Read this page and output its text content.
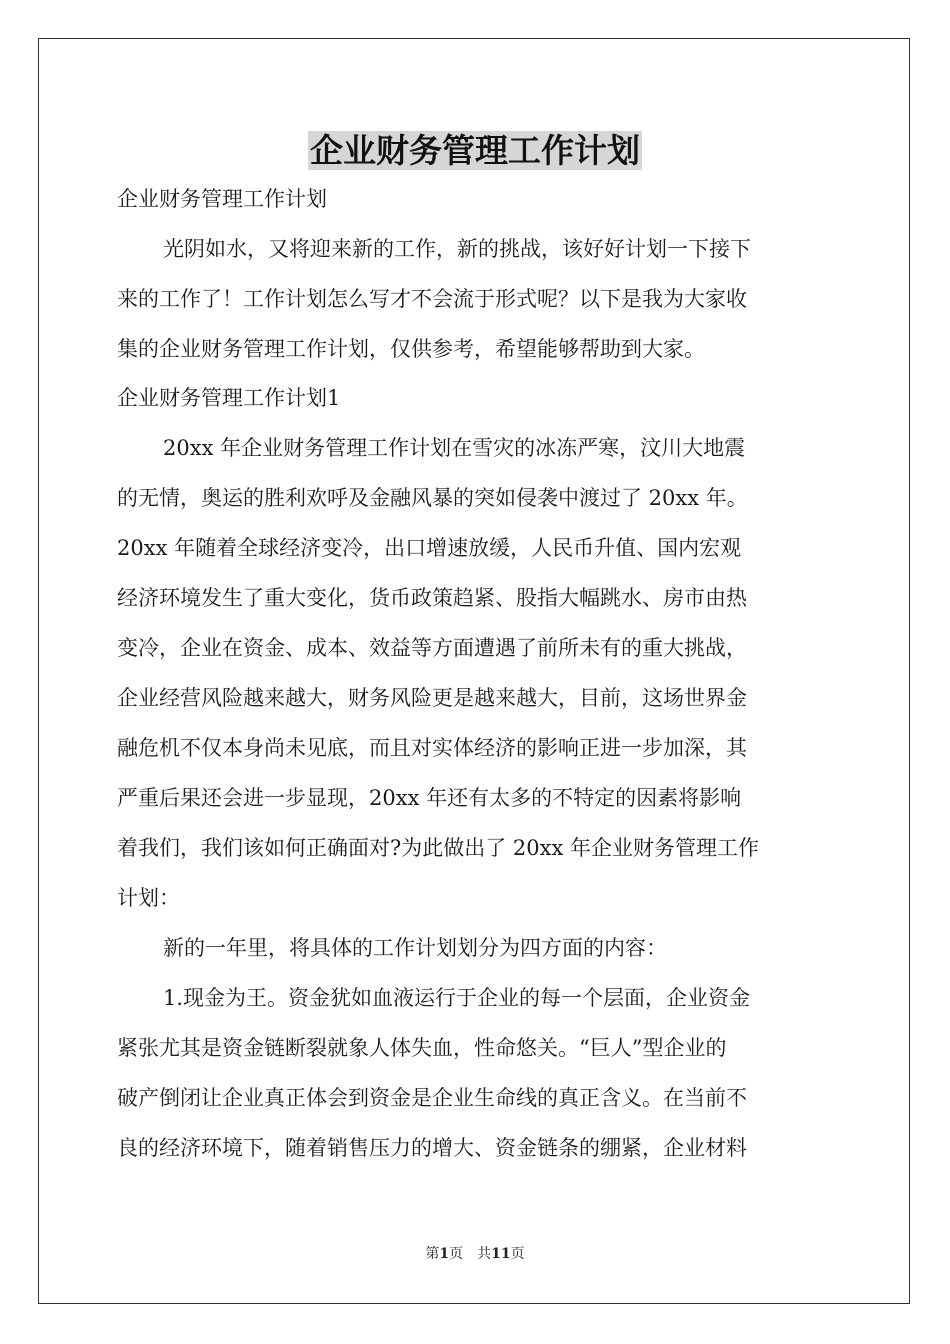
企业财务管理工作计划
企业财务管理工作计划
光阴如水，又将迎来新的工作，新的挑战，该好好计划一下接下
来的工作了！工作计划怎么写才不会流于形式呢？以下是我为大家收
集的企业财务管理工作计划，仅供参考，希望能够帮助到大家。
企业财务管理工作计划1
20xx 年企业财务管理工作计划在雪灾的冰冻严寒，汶川大地震
的无情，奥运的胜利欢呼及金融风暴的突如侵袭中渡过了 20xx 年。
20xx 年随着全球经济变冷，出口增速放缓，人民币升值、国内宏观
经济环境发生了重大变化，货币政策趋紧、股指大幅跳水、房市由热
变冷，企业在资金、成本、效益等方面遭遇了前所未有的重大挑战，
企业经营风险越来越大，财务风险更是越来越大，目前，这场世界金
融危机不仅本身尚未见底，而且对实体经济的影响正进一步加深，其
严重后果还会进一步显现，20xx 年还有太多的不特定的因素将影响
着我们，我们该如何正确面对?为此做出了 20xx 年企业财务管理工作
计划：
新的一年里，将具体的工作计划划分为四方面的内容：
1.现金为王。资金犹如血液运行于企业的每一个层面，企业资金
紧张尤其是资金链断裂就象人体失血，性命悠关。“巨人”型企业的
破产倒闭让企业真正体会到资金是企业生命线的真正含义。在当前不
良的经济环境下，随着销售压力的增大、资金链条的绷紧，企业材料
第1页　共11页
